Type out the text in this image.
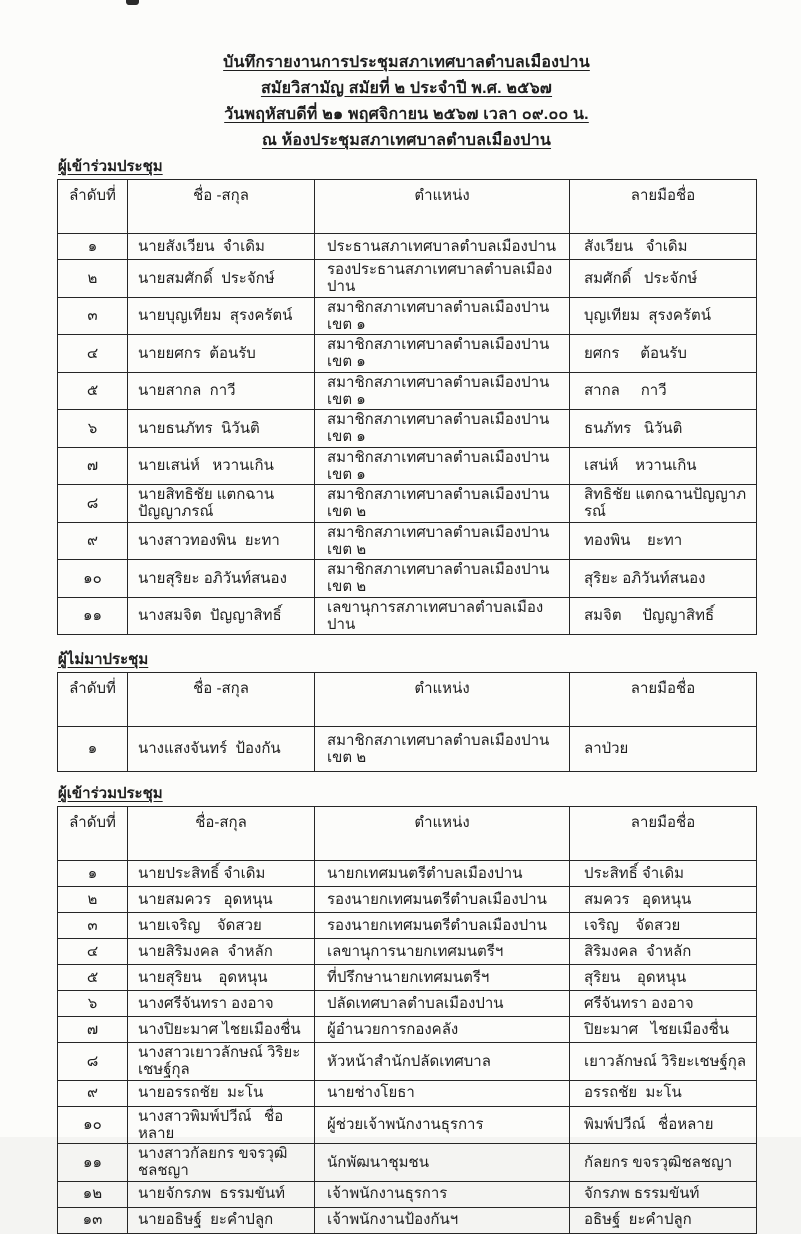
บันทึกรายงานการประชุมสภาเทศบาลตำบลเมืองปาน
สมัยวิสามัญ สมัยที่ ๒ ประจำปี พ.ศ. ๒๕๖๗
วันพฤหัสบดีที่ ๒๑ พฤศจิกายน ๒๕๖๗ เวลา ๐๙.๐๐ น.
ณ ห้องประชุมสภาเทศบาลตำบลเมืองปาน
ผู้เข้าร่วมประชุม
ลำดับที่	ชื่อ -สกุล	ตำแหน่ง	ลายมือชื่อ
๑	นายสังเวียน  จำเดิม	ประธานสภาเทศบาลตำบลเมืองปาน	สังเวียน   จำเดิม
๒	นายสมศักดิ์  ประจักษ์	รองประธานสภาเทศบาลตำบลเมืองปาน	สมศักดิ์   ประจักษ์
๓	นายบุญเทียม  สุรงครัตน์	สมาชิกสภาเทศบาลตำบลเมืองปานเขต ๑	บุญเทียม  สุรงครัตน์
๔	นายยศกร  ต้อนรับ	สมาชิกสภาเทศบาลตำบลเมืองปานเขต ๑	ยศกร     ต้อนรับ
๕	นายสากล  กาวี	สมาชิกสภาเทศบาลตำบลเมืองปานเขต ๑	สากล     กาวี
๖	นายธนภัทร  นิวันติ	สมาชิกสภาเทศบาลตำบลเมืองปานเขต ๑	ธนภัทร   นิวันติ
๗	นายเสน่ห์   หวานเกิน	สมาชิกสภาเทศบาลตำบลเมืองปานเขต ๑	เสน่ห์    หวานเกิน
๘	นายสิทธิชัย แตกฉานปัญญาภรณ์	สมาชิกสภาเทศบาลตำบลเมืองปานเขต ๒	สิทธิชัย แตกฉานปัญญาภรณ์
๙	นางสาวทองพิน  ยะทา	สมาชิกสภาเทศบาลตำบลเมืองปานเขต ๒	ทองพิน    ยะทา
๑๐	นายสุริยะ อภิวันท์สนอง	สมาชิกสภาเทศบาลตำบลเมืองปานเขต ๒	สุริยะ อภิวันท์สนอง
๑๑	นางสมจิต  ปัญญาสิทธิ์	เลขานุการสภาเทศบาลตำบลเมืองปาน	สมจิต     ปัญญาสิทธิ์
ผู้ไม่มาประชุม
ลำดับที่	ชื่อ -สกุล	ตำแหน่ง	ลายมือชื่อ
๑	นางแสงจันทร์  ป้องกัน	สมาชิกสภาเทศบาลตำบลเมืองปานเขต ๒	ลาป่วย
ผู้เข้าร่วมประชุม
ลำดับที่	ชื่อ-สกุล	ตำแหน่ง	ลายมือชื่อ
๑	นายประสิทธิ์ จำเดิม	นายกเทศมนตรีตำบลเมืองปาน	ประสิทธิ์ จำเดิม
๒	นายสมควร   อุดหนุน	รองนายกเทศมนตรีตำบลเมืองปาน	สมควร   อุดหนุน
๓	นายเจริญ    จัดสวย	รองนายกเทศมนตรีตำบลเมืองปาน	เจริญ    จัดสวย
๔	นายสิริมงคล  จำหลัก	เลขานุการนายกเทศมนตรีฯ	สิริมงคล  จำหลัก
๕	นายสุริยน    อุดหนุน	ที่ปรึกษานายกเทศมนตรีฯ	สุริยน    อุดหนุน
๖	นางศรีจันทรา องอาจ	ปลัดเทศบาลตำบลเมืองปาน	ศรีจันทรา องอาจ
๗	นางปิยะมาศ ไชยเมืองชื่น	ผู้อำนวยการกองคลัง	ปิยะมาศ   ไชยเมืองชื่น
๘	นางสาวเยาวลักษณ์ วิริยะเชษฐ์กุล	หัวหน้าสำนักปลัดเทศบาล	เยาวลักษณ์ วิริยะเชษฐ์กุล
๙	นายอรรถชัย  มะโน	นายช่างโยธา	อรรถชัย  มะโน
๑๐	นางสาวพิมพ์ปวีณ์   ชื่อหลาย	ผู้ช่วยเจ้าพนักงานธุรการ	พิมพ์ปวีณ์   ชื่อหลาย
๑๑	นางสาวกัลยกร ขจรวุฒิชลชญา	นักพัฒนาชุมชน	กัลยกร ขจรวุฒิชลชญา
๑๒	นายจักรภพ  ธรรมขันท์	เจ้าพนักงานธุรการ	จักรภพ ธรรมขันท์
๑๓	นายอธิษฐ์  ยะคำปลูก	เจ้าพนักงานป้องกันฯ	อธิษฐ์  ยะคำปลูก
